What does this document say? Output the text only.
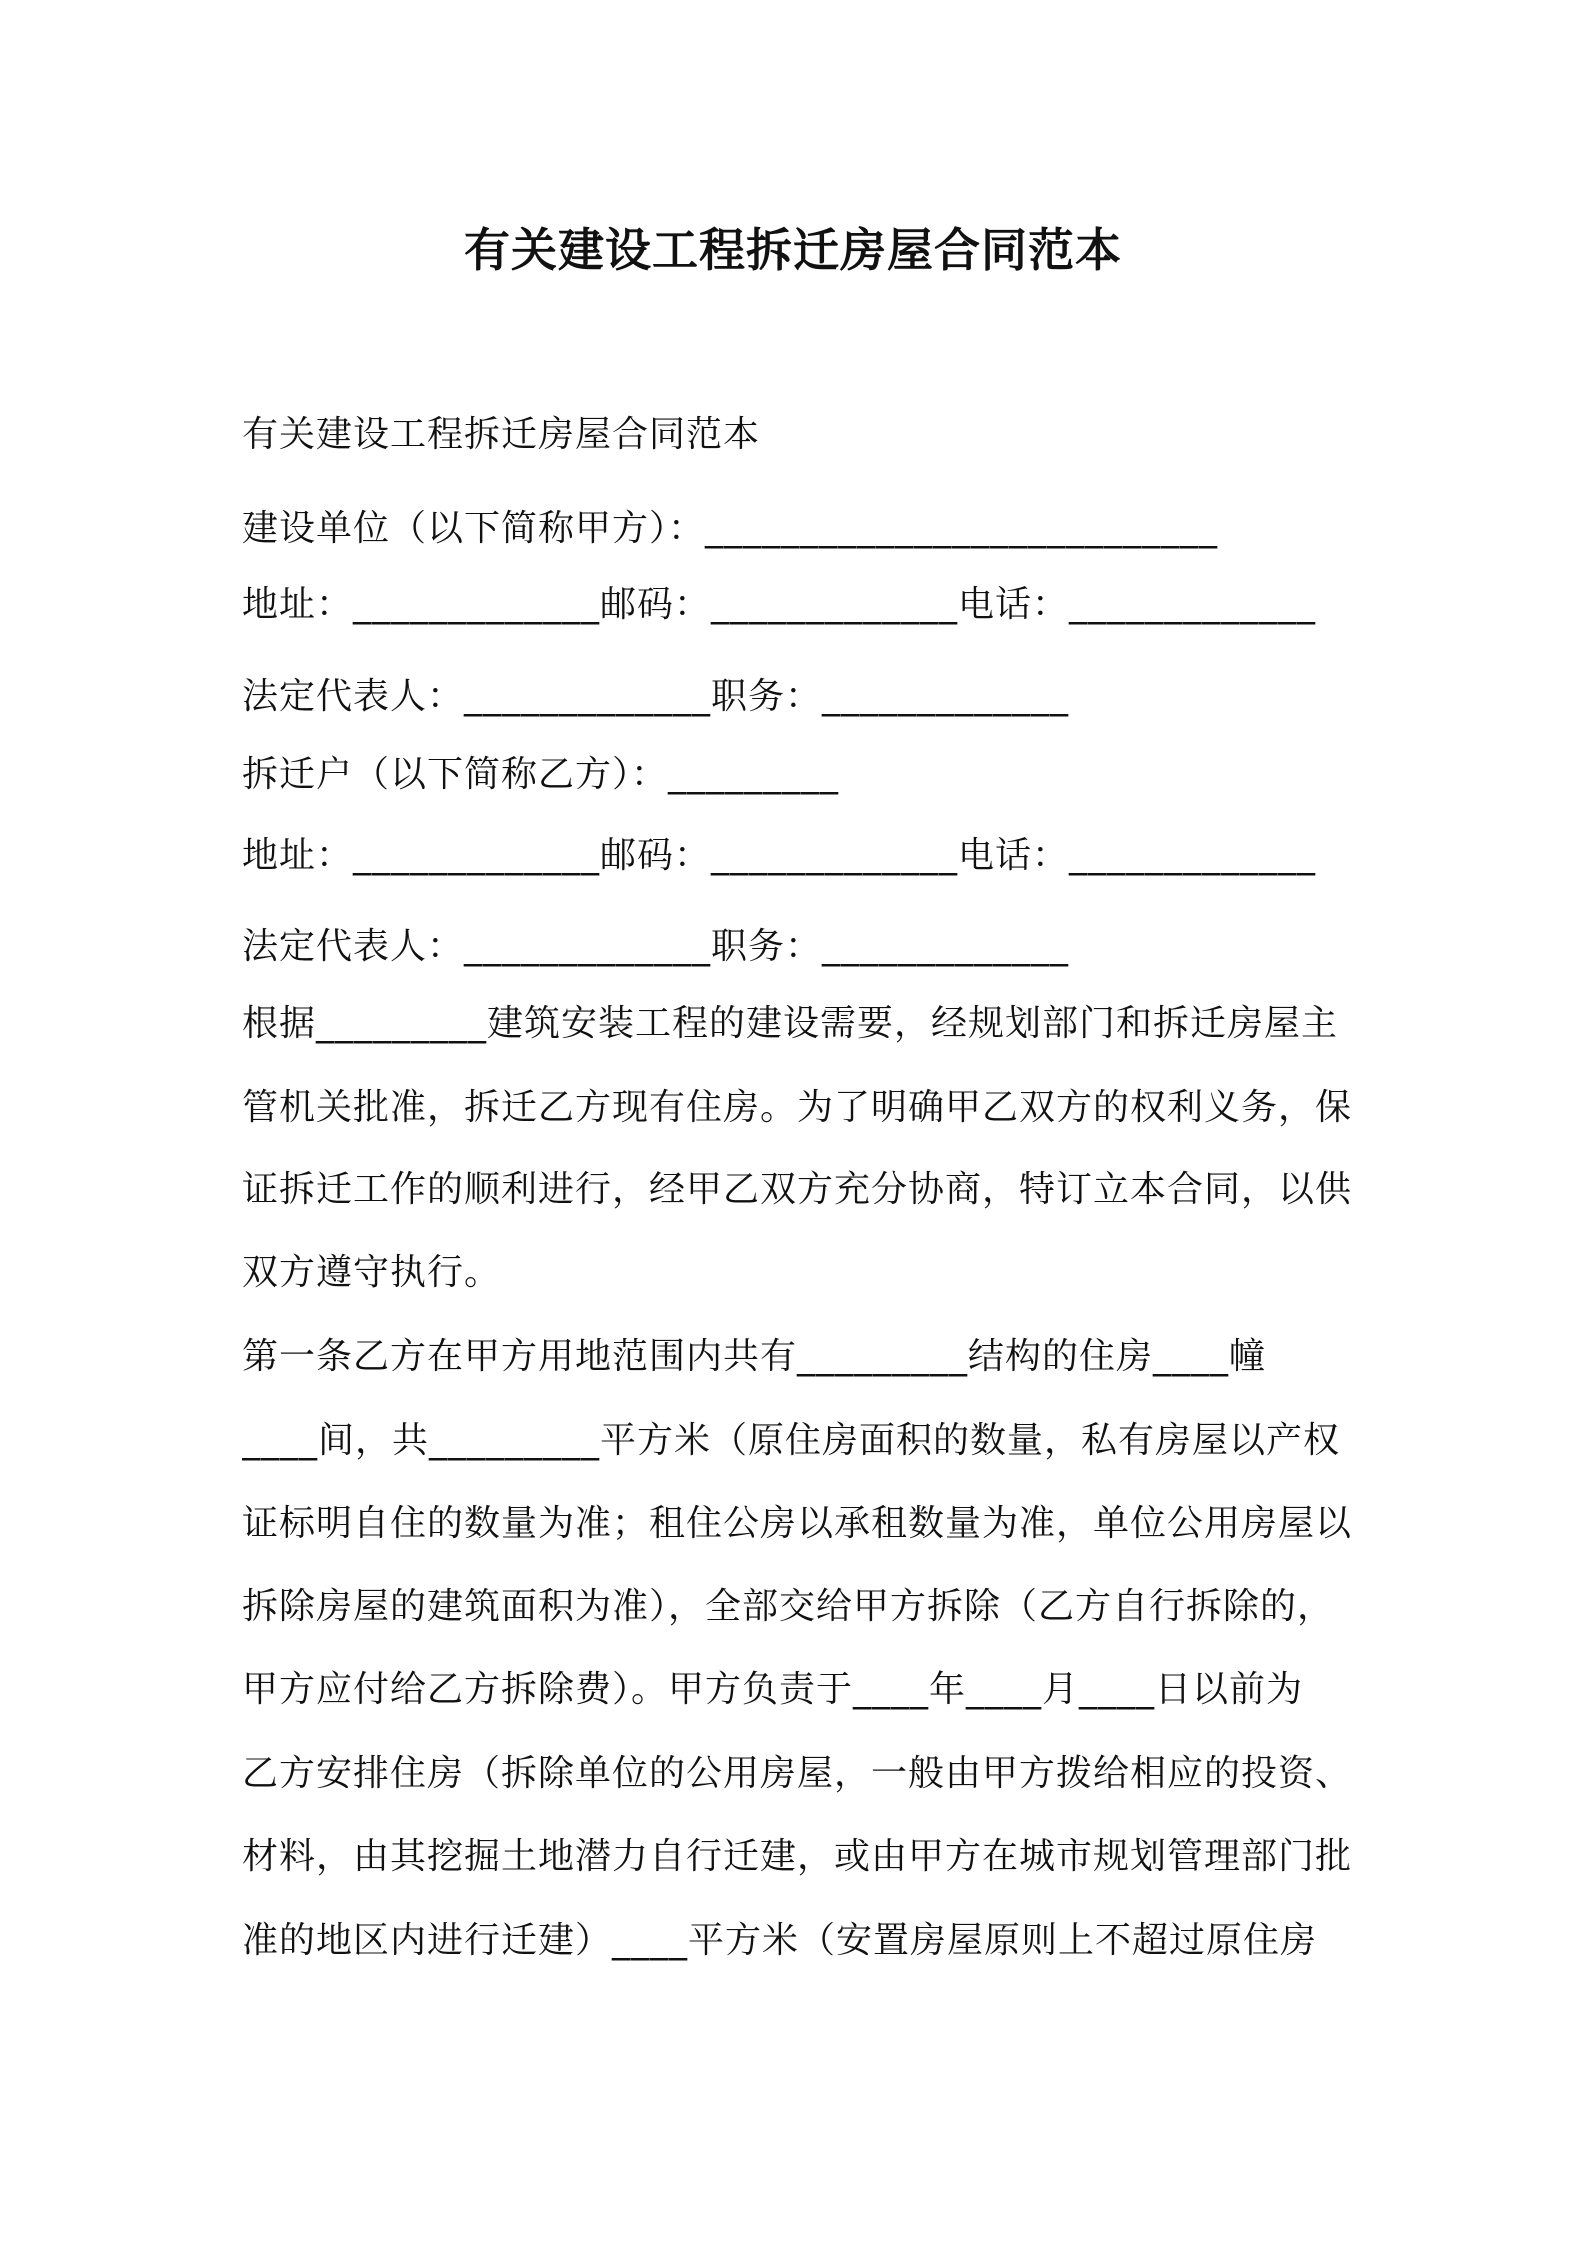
有关建设工程拆迁房屋合同范本
有关建设工程拆迁房屋合同范本
建设单位（以下简称甲方）：___________________________
地址：_____________邮码：_____________电话：_____________
法定代表人：_____________职务：_____________
拆迁户（以下简称乙方）：_________
地址：_____________邮码：_____________电话：_____________
法定代表人：_____________职务：_____________
根据_________建筑安装工程的建设需要，经规划部门和拆迁房屋主
管机关批准，拆迁乙方现有住房。为了明确甲乙双方的权利义务，保
证拆迁工作的顺利进行，经甲乙双方充分协商，特订立本合同，以供
双方遵守执行。
第一条乙方在甲方用地范围内共有_________结构的住房____幢
____间，共_________平方米（原住房面积的数量，私有房屋以产权
证标明自住的数量为准；租住公房以承租数量为准，单位公用房屋以
拆除房屋的建筑面积为准），全部交给甲方拆除（乙方自行拆除的，
甲方应付给乙方拆除费）。甲方负责于____年____月____日以前为
乙方安排住房（拆除单位的公用房屋，一般由甲方拨给相应的投资、
材料，由其挖掘土地潜力自行迁建，或由甲方在城市规划管理部门批
准的地区内进行迁建）____平方米（安置房屋原则上不超过原住房
